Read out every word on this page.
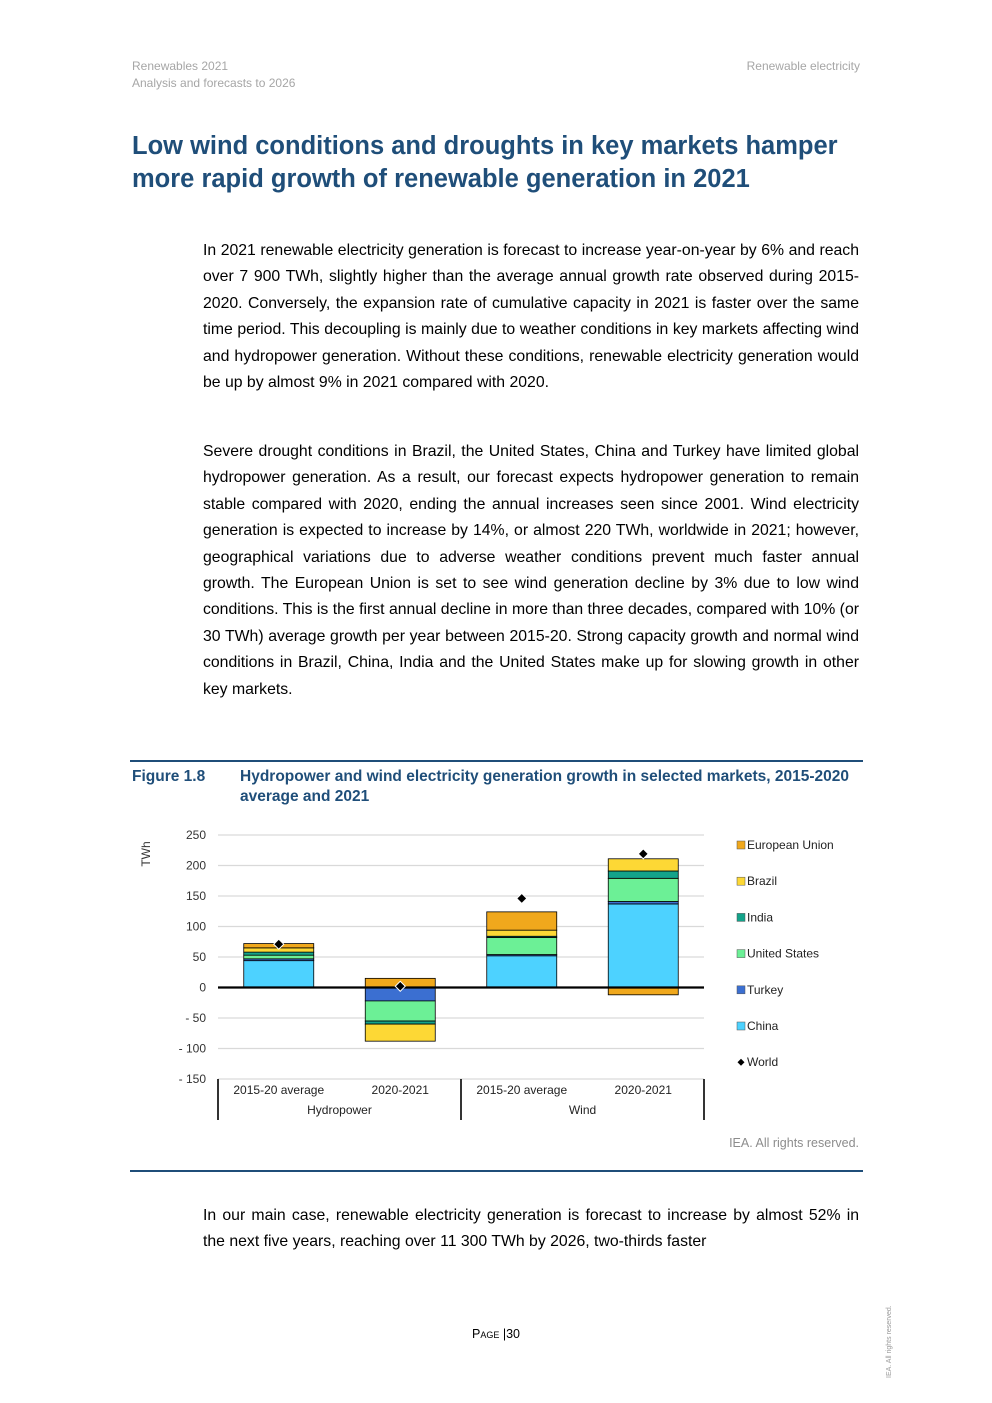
Renewables 2021
Analysis and forecasts to 2026
Renewable electricity
Low wind conditions and droughts in key markets hamper more rapid growth of renewable generation in 2021

In 2021 renewable electricity generation is forecast to increase year-on-year by 6% and reach over 7 900 TWh, slightly higher than the average annual growth rate observed during 2015-2020. Conversely, the expansion rate of cumulative capacity in 2021 is faster over the same time period. This decoupling is mainly due to weather conditions in key markets affecting wind and hydropower generation. Without these conditions, renewable electricity generation would be up by almost 9% in 2021 compared with 2020.

Severe drought conditions in Brazil, the United States, China and Turkey have limited global hydropower generation. As a result, our forecast expects hydropower generation to remain stable compared with 2020, ending the annual increases seen since 2001. Wind electricity generation is expected to increase by 14%, or almost 220 TWh, worldwide in 2021; however, geographical variations due to adverse weather conditions prevent much faster annual growth. The European Union is set to see wind generation decline by 3% due to low wind conditions. This is the first annual decline in more than three decades, compared with 10% (or 30 TWh) average growth per year between 2015-20. Strong capacity growth and normal wind conditions in Brazil, China, India and the United States make up for slowing growth in other key markets.

Figure 1.8 Hydropower and wind electricity generation growth in selected markets, 2015-2020 average and 2021
250
200
150
100
50
0
- 50
- 100
- 150
TWh
2015-20 average	2020-2021	2015-20 average	2020-2021
Hydropower	Wind
European Union
Brazil
India
United States
Turkey
China
World
IEA. All rights reserved.

In our main case, renewable electricity generation is forecast to increase by almost 52% in the next five years, reaching over 11 300 TWh by 2026, two-thirds faster

Page |30	IEA. All rights reserved.
